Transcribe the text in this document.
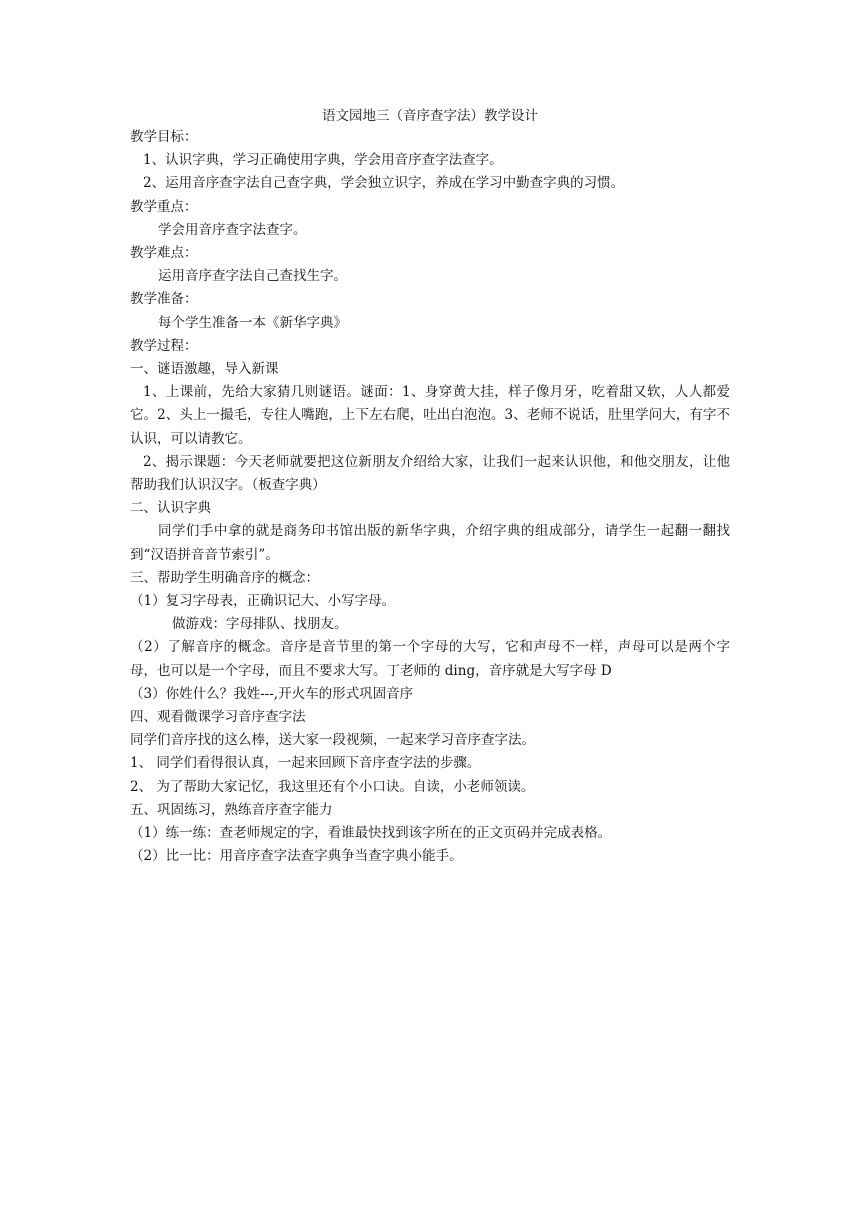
语文园地三（音序查字法）教学设计

教学目标：

1、认识字典，学习正确使用字典，学会用音序查字法查字。

2、运用音序查字法自己查字典，学会独立识字，养成在学习中勤查字典的习惯。

教学重点：

学会用音序查字法查字。

教学难点：

运用音序查字法自己查找生字。

教学准备：

每个学生准备一本《新华字典》

教学过程：

一、谜语激趣，导入新课

1、上课前，先给大家猜几则谜语。谜面：1、身穿黄大挂，样子像月牙，吃着甜又软，人人都爱它。2、头上一撮毛，专往人嘴跑，上下左右爬，吐出白泡泡。3、老师不说话，肚里学问大，有字不认识，可以请教它。

2、揭示课题：今天老师就要把这位新朋友介绍给大家，让我们一起来认识他，和他交朋友，让他帮助我们认识汉字。（板查字典）

二、认识字典

同学们手中拿的就是商务印书馆出版的新华字典，介绍字典的组成部分，请学生一起翻一翻找到“汉语拼音音节索引”。

三、帮助学生明确音序的概念：

（1）复习字母表，正确识记大、小写字母。

做游戏：字母排队、找朋友。

（2）了解音序的概念。音序是音节里的第一个字母的大写，它和声母不一样，声母可以是两个字母，也可以是一个字母，而且不要求大写。丁老师的 ding，音序就是大写字母 D

（3）你姓什么？我姓---,开火车的形式巩固音序

四、观看微课学习音序查字法

同学们音序找的这么棒，送大家一段视频，一起来学习音序查字法。

1、 同学们看得很认真，一起来回顾下音序查字法的步骤。

2、 为了帮助大家记忆，我这里还有个小口诀。自读，小老师领读。

五、巩固练习，熟练音序查字能力

（1）练一练：查老师规定的字，看谁最快找到该字所在的正文页码并完成表格。

（2）比一比：用音序查字法查字典争当查字典小能手。
